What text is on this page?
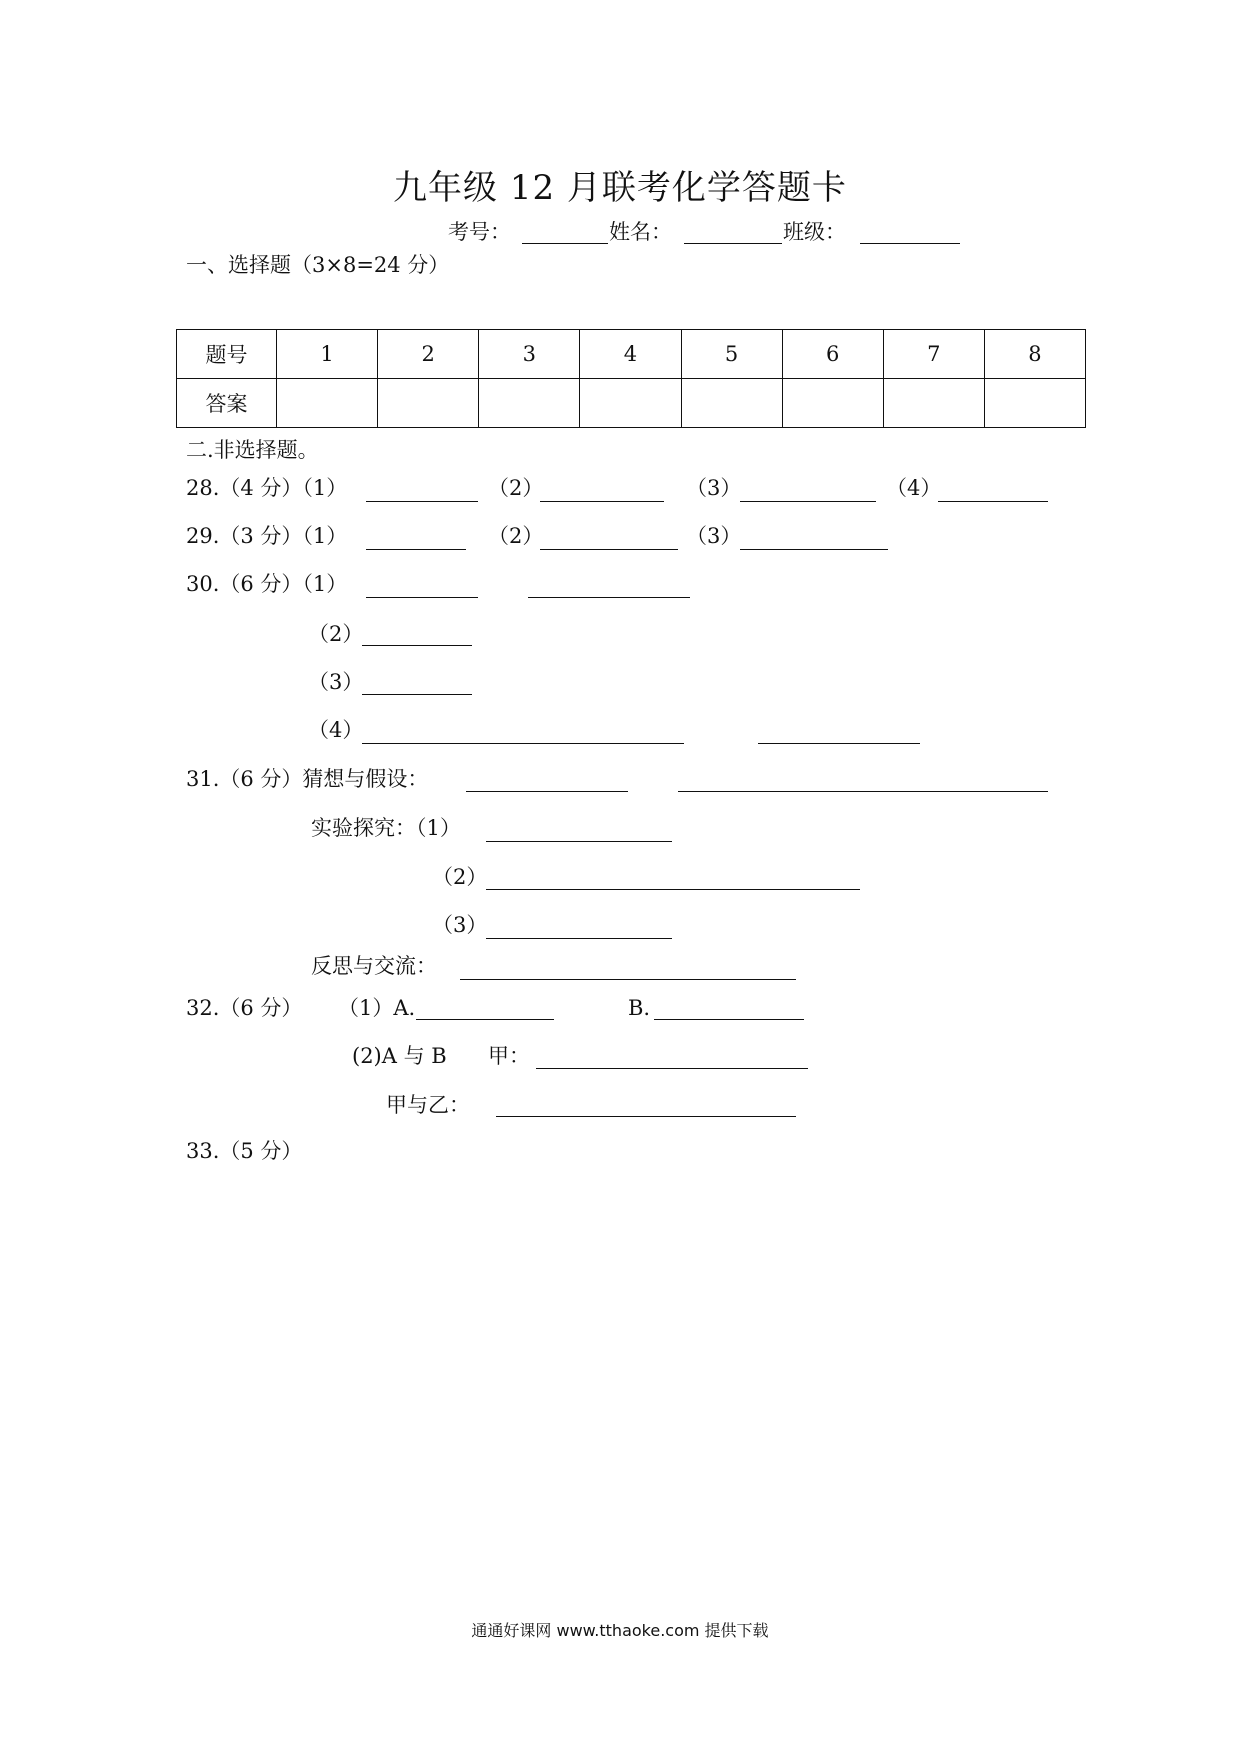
九年级 12 月联考化学答题卡
考号：	姓名：	班级：
一、选择题（3×8=24 分）
题号	1	2	3	4	5	6	7	8
答案								
二.非选择题。
28.（4 分）（1）	（2）	（3）	（4）
29.（3 分）（1）	（2）	（3）
30.（6 分）（1）
（2）
（3）
（4）
31.（6 分）猜想与假设：
实验探究：（1）
（2）
（3）
反思与交流：
32.（6 分） （1）A.	B.
(2)A 与 B 甲：
甲与乙：
33.（5 分）
通通好课网 www.tthaoke.com 提供下载
